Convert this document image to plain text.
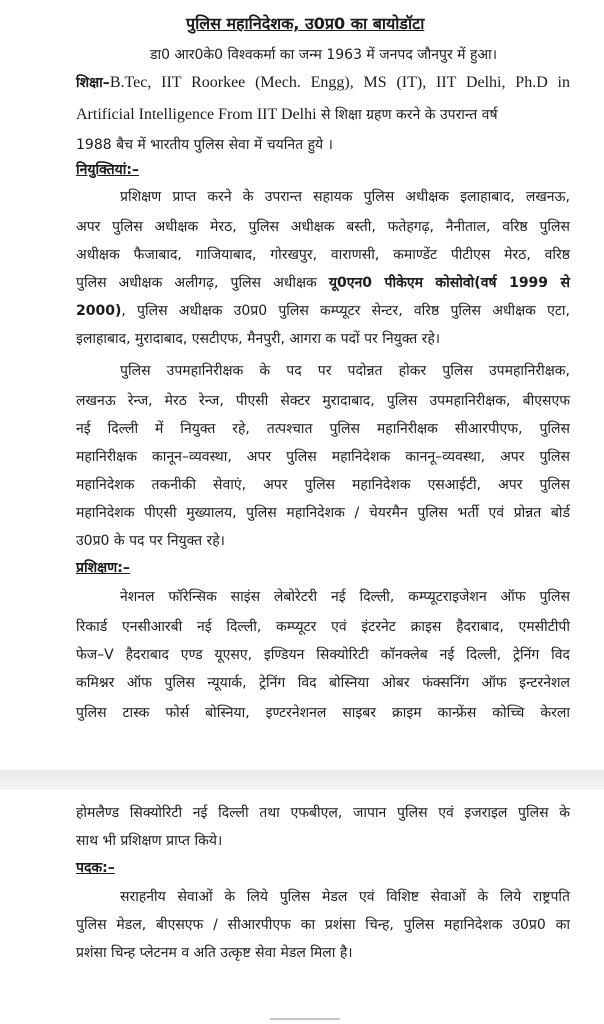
पुलिस महानिदेशक, उ0प्र0 का बायोडॉटा
डा0 आर0के0 विश्वकर्मा का जन्म 1963 में जनपद जौनपुर में हुआ।
शिक्षा–B.Tec, IIT Roorkee (Mech. Engg), MS (IT), IIT Delhi, Ph.D in
Artificial Intelligence From IIT Delhi से शिक्षा ग्रहण करने के उपरान्त वर्ष
1988 बैच में भारतीय पुलिस सेवा में चयनित हुये ।
नियुक्तियां:–
प्रशिक्षण प्राप्त करने के उपरान्त सहायक पुलिस अधीक्षक इलाहाबाद, लखनऊ,
अपर पुलिस अधीक्षक मेरठ, पुलिस अधीक्षक बस्ती, फतेहगढ़, नैनीताल, वरिष्ठ पुलिस
अधीक्षक फैजाबाद, गाजियाबाद, गोरखपुर, वाराणसी, कमाण्डेंट पीटीएस मेरठ, वरिष्ठ
पुलिस अधीक्षक अलीगढ़, पुलिस अधीक्षक यू0एन0 पीकेएम कोसोवो(वर्ष 1999 से
2000), पुलिस अधीक्षक उ0प्र0 पुलिस कम्प्यूटर सेन्टर, वरिष्ठ पुलिस अधीक्षक एटा,
इलाहाबाद, मुरादाबाद, एसटीएफ, मैनपुरी, आगरा क पदों पर नियुक्त रहे।
पुलिस उपमहानिरीक्षक के पद पर पदोन्नत होकर पुलिस उपमहानिरीक्षक,
लखनऊ रेन्ज, मेरठ रेन्ज, पीएसी सेक्टर मुरादाबाद, पुलिस उपमहानिरीक्षक, बीएसएफ
नई दिल्ली में नियुक्त रहे, तत्पश्चात पुलिस महानिरीक्षक सीआरपीएफ, पुलिस
महानिरीक्षक कानून–व्यवस्था, अपर पुलिस महानिदेशक काननू–व्यवस्था, अपर पुलिस
महानिदेशक तकनीकी सेवाएं, अपर पुलिस महानिदेशक एसआईटी, अपर पुलिस
महानिदेशक पीएसी मुख्यालय, पुलिस महानिदेशक / चेयरमैन पुलिस भर्ती एवं प्रोन्नत बोर्ड
उ0प्र0 के पद पर नियुक्त रहे।
प्रशिक्षण:–
नेशनल फॉरेन्सिक साइंस लेबोरेटरी नई दिल्ली, कम्प्यूटराइजेशन ऑफ पुलिस
रिकार्ड एनसीआरबी नई दिल्ली, कम्प्यूटर एवं इंटरनेट क्राइस हैदराबाद, एमसीटीपी
फेज–V हैदराबाद एण्ड यूएसए, इण्डियन सिक्योरिटी कॉनक्लेब नई दिल्ली, ट्रेनिंग विद
कमिश्नर ऑफ पुलिस न्यूयार्क, ट्रेनिंग विद बोस्निया ओबर फंक्सनिंग ऑफ इन्टरनेशल
पुलिस टास्क फोर्स बोस्निया, इण्टरनेशनल साइबर क्राइम कान्फ्रेंस कोच्चि केरला
होमलैण्ड सिक्योरिटी नई दिल्ली तथा एफबीएल, जापान पुलिस एवं इजराइल पुलिस के
साथ भी प्रशिक्षण प्राप्त किये।
पदक:–
सराहनीय सेवाओं के लिये पुलिस मेडल एवं विशिष्ट सेवाओं के लिये राष्ट्रपति
पुलिस मेडल, बीएसएफ / सीआरपीएफ का प्रशंसा चिन्ह, पुलिस महानिदेशक उ0प्र0 का
प्रशंसा चिन्ह प्लेटनम व अति उत्कृष्ट सेवा मेडल मिला है।
